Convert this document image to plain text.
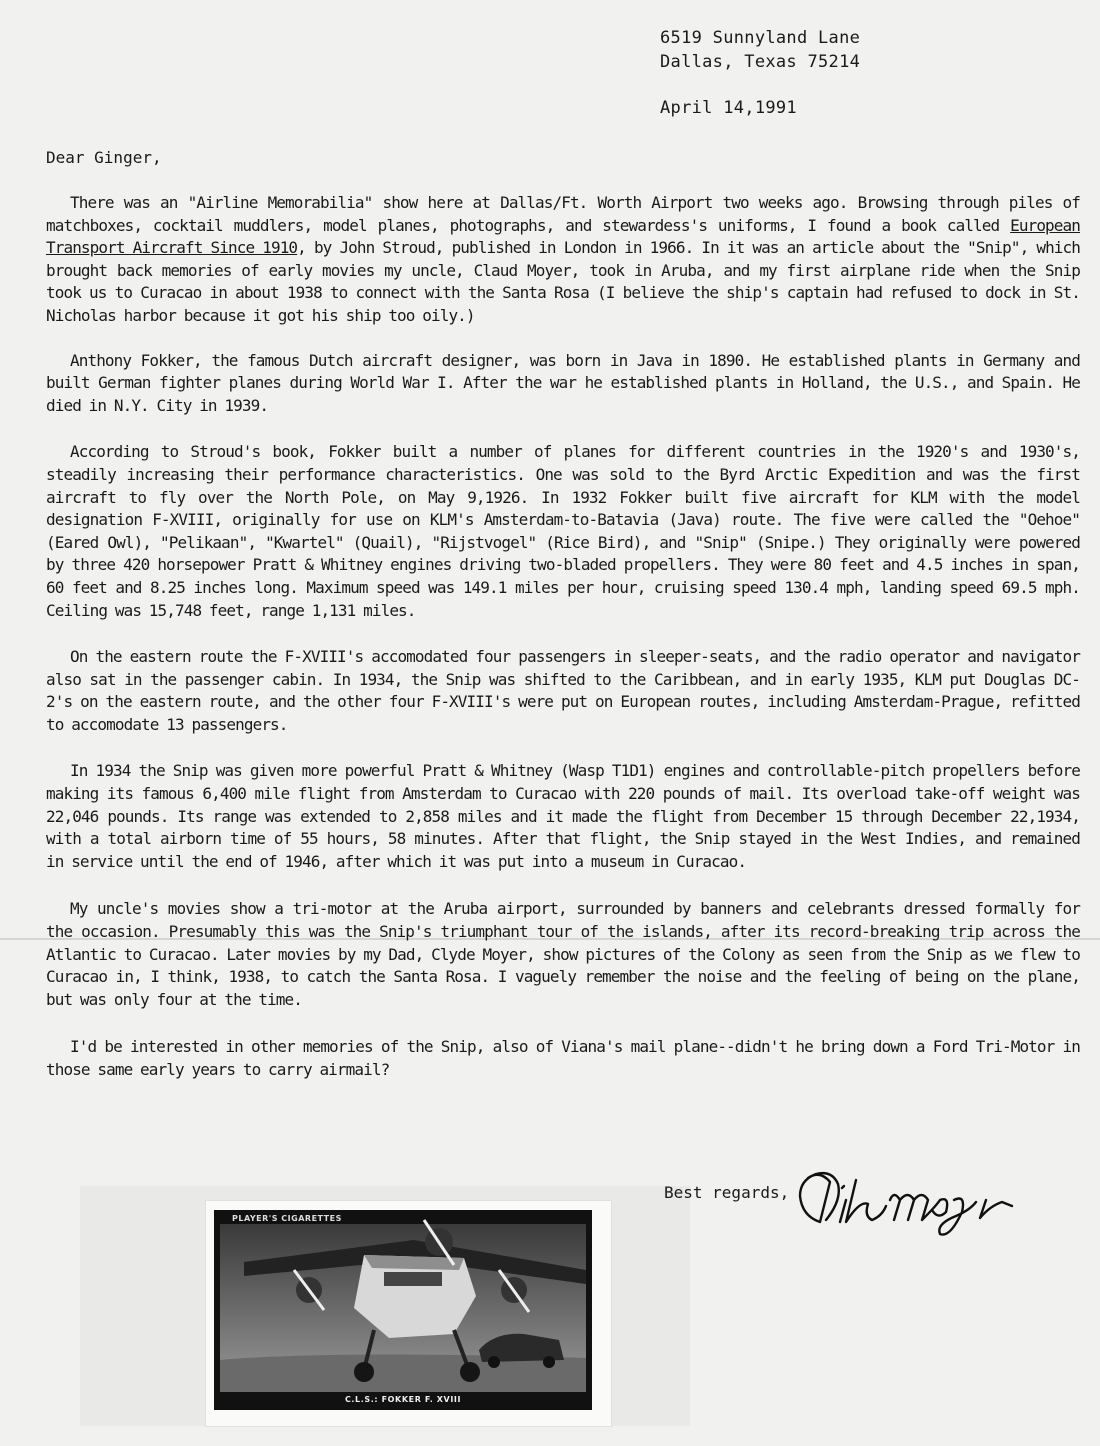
6519 Sunnyland Lane
Dallas, Texas 75214
April 14,1991
Dear Ginger,

There was an "Airline Memorabilia" show here at Dallas/Ft. Worth Airport two weeks ago. Browsing through piles of matchboxes, cocktail muddlers, model planes, photographs, and stewardess's uniforms, I found a book called European Transport Aircraft Since 1910, by John Stroud, published in London in 1966. In it was an article about the "Snip", which brought back memories of early movies my uncle, Claud Moyer, took in Aruba, and my first airplane ride when the Snip took us to Curacao in about 1938 to connect with the Santa Rosa (I believe the ship's captain had refused to dock in St. Nicholas harbor because it got his ship too oily.)

Anthony Fokker, the famous Dutch aircraft designer, was born in Java in 1890. He established plants in Germany and built German fighter planes during World War I. After the war he established plants in Holland, the U.S., and Spain. He died in N.Y. City in 1939.

According to Stroud's book, Fokker built a number of planes for different countries in the 1920's and 1930's, steadily increasing their performance characteristics. One was sold to the Byrd Arctic Expedition and was the first aircraft to fly over the North Pole, on May 9,1926. In 1932 Fokker built five aircraft for KLM with the model designation F-XVIII, originally for use on KLM's Amsterdam-to-Batavia (Java) route. The five were called the "Oehoe" (Eared Owl), "Pelikaan", "Kwartel" (Quail), "Rijstvogel" (Rice Bird), and "Snip" (Snipe.) They originally were powered by three 420 horsepower Pratt & Whitney engines driving two-bladed propellers. They were 80 feet and 4.5 inches in span, 60 feet and 8.25 inches long. Maximum speed was 149.1 miles per hour, cruising speed 130.4 mph, landing speed 69.5 mph. Ceiling was 15,748 feet, range 1,131 miles.

On the eastern route the F-XVIII's accomodated four passengers in sleeper-seats, and the radio operator and navigator also sat in the passenger cabin. In 1934, the Snip was shifted to the Caribbean, and in early 1935, KLM put Douglas DC-2's on the eastern route, and the other four F-XVIII's were put on European routes, including Amsterdam-Prague, refitted to accomodate 13 passengers.

In 1934 the Snip was given more powerful Pratt & Whitney (Wasp T1D1) engines and controllable-pitch propellers before making its famous 6,400 mile flight from Amsterdam to Curacao with 220 pounds of mail. Its overload take-off weight was 22,046 pounds. Its range was extended to 2,858 miles and it made the flight from December 15 through December 22,1934, with a total airborn time of 55 hours, 58 minutes. After that flight, the Snip stayed in the West Indies, and remained in service until the end of 1946, after which it was put into a museum in Curacao.

My uncle's movies show a tri-motor at the Aruba airport, surrounded by banners and celebrants dressed formally for the occasion. Presumably this was the Snip's triumphant tour of the islands, after its record-breaking trip across the Atlantic to Curacao. Later movies by my Dad, Clyde Moyer, show pictures of the Colony as seen from the Snip as we flew to Curacao in, I think, 1938, to catch the Santa Rosa. I vaguely remember the noise and the feeling of being on the plane, but was only four at the time.

I'd be interested in other memories of the Snip, also of Viana's mail plane--didn't he bring down a Ford Tri-Motor in those same early years to carry airmail?

PLAYER'S CIGARETTES
C.L.S.: FOKKER F. XVIII
Best regards,
